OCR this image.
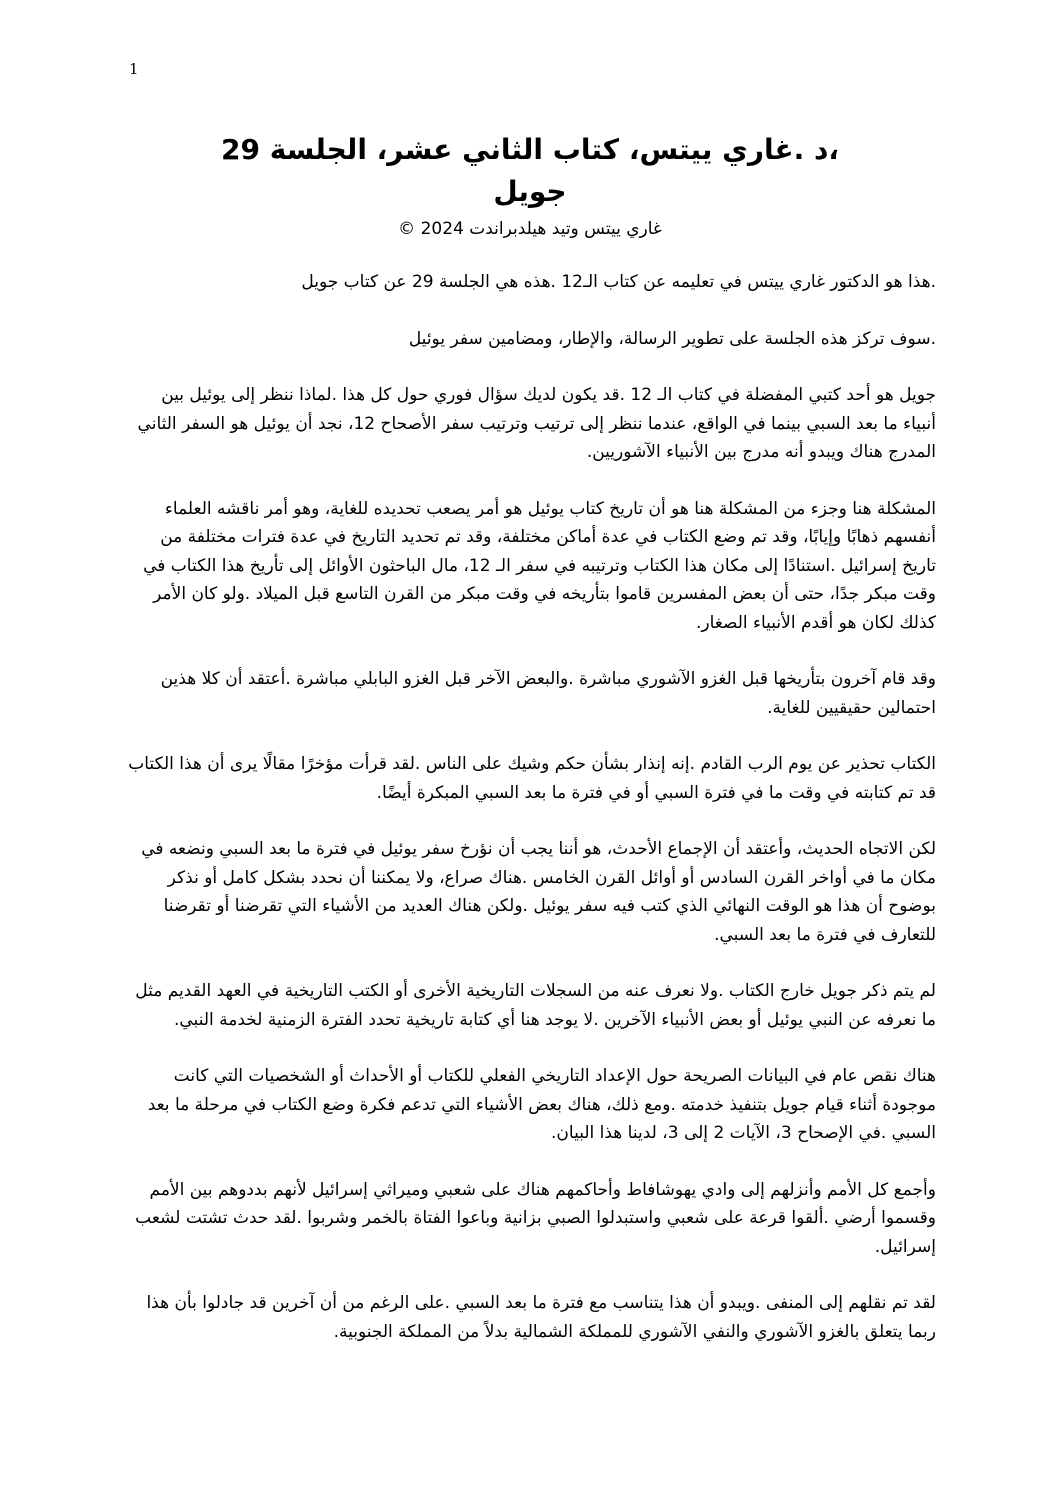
1
،د .غاري ييتس، كتاب الثاني عشر، الجلسة 29
جويل
غاري ييتس وتيد هيلدبراندت 2024 ©

.هذا هو الدكتور غاري ييتس في تعليمه عن كتاب الـ12 .هذه هي الجلسة 29 عن كتاب جويل

.سوف تركز هذه الجلسة على تطوير الرسالة، والإطار، ومضامين سفر يوئيل

جويل هو أحد كتبي المفضلة في كتاب الـ 12 .قد يكون لديك سؤال فوري حول كل هذا .لماذا ننظر إلى يوئيل بين أنبياء ما بعد السبي بينما في الواقع، عندما ننظر إلى ترتيب وترتيب سفر الأصحاح 12، نجد أن يوئيل هو السفر الثاني المدرج هناك ويبدو أنه مدرج بين الأنبياء الآشوريين.

المشكلة هنا وجزء من المشكلة هنا هو أن تاريخ كتاب يوئيل هو أمر يصعب تحديده للغاية، وهو أمر ناقشه العلماء أنفسهم ذهابًا وإيابًا، وقد تم وضع الكتاب في عدة أماكن مختلفة، وقد تم تحديد التاريخ في عدة فترات مختلفة من تاريخ إسرائيل .استنادًا إلى مكان هذا الكتاب وترتيبه في سفر الـ 12، مال الباحثون الأوائل إلى تأريخ هذا الكتاب في وقت مبكر جدًا، حتى أن بعض المفسرين قاموا بتأريخه في وقت مبكر من القرن التاسع قبل الميلاد .ولو كان الأمر كذلك لكان هو أقدم الأنبياء الصغار.

وقد قام آخرون بتأريخها قبل الغزو الآشوري مباشرة .والبعض الآخر قبل الغزو البابلي مباشرة .أعتقد أن كلا هذين احتمالين حقيقيين للغاية.

الكتاب تحذير عن يوم الرب القادم .إنه إنذار بشأن حكم وشيك على الناس .لقد قرأت مؤخرًا مقالًا يرى أن هذا الكتاب قد تم كتابته في وقت ما في فترة السبي أو في فترة ما بعد السبي المبكرة أيضًا.

لكن الاتجاه الحديث، وأعتقد أن الإجماع الأحدث، هو أننا يجب أن نؤرخ سفر يوئيل في فترة ما بعد السبي ونضعه في مكان ما في أواخر القرن السادس أو أوائل القرن الخامس .هناك صراع، ولا يمكننا أن نحدد بشكل كامل أو نذكر بوضوح أن هذا هو الوقت النهائي الذي كتب فيه سفر يوئيل .ولكن هناك العديد من الأشياء التي تقرضنا أو تقرضنا للتعارف في فترة ما بعد السبي.

لم يتم ذكر جويل خارج الكتاب .ولا نعرف عنه من السجلات التاريخية الأخرى أو الكتب التاريخية في العهد القديم مثل ما نعرفه عن النبي يوئيل أو بعض الأنبياء الآخرين .لا يوجد هنا أي كتابة تاريخية تحدد الفترة الزمنية لخدمة النبي.

هناك نقص عام في البيانات الصريحة حول الإعداد التاريخي الفعلي للكتاب أو الأحداث أو الشخصيات التي كانت موجودة أثناء قيام جويل بتنفيذ خدمته .ومع ذلك، هناك بعض الأشياء التي تدعم فكرة وضع الكتاب في مرحلة ما بعد السبي .في الإصحاح 3، الآيات 2 إلى 3، لدينا هذا البيان.

وأجمع كل الأمم وأنزلهم إلى وادي يهوشافاط وأحاكمهم هناك على شعبي وميراثي إسرائيل لأنهم بددوهم بين الأمم وقسموا أرضي .ألقوا قرعة على شعبي واستبدلوا الصبي بزانية وباعوا الفتاة بالخمر وشربوا .لقد حدث تشتت لشعب إسرائيل.

لقد تم نقلهم إلى المنفى .ويبدو أن هذا يتناسب مع فترة ما بعد السبي .على الرغم من أن آخرين قد جادلوا بأن هذا ربما يتعلق بالغزو الآشوري والنفي الآشوري للمملكة الشمالية بدلاً من المملكة الجنوبية.
